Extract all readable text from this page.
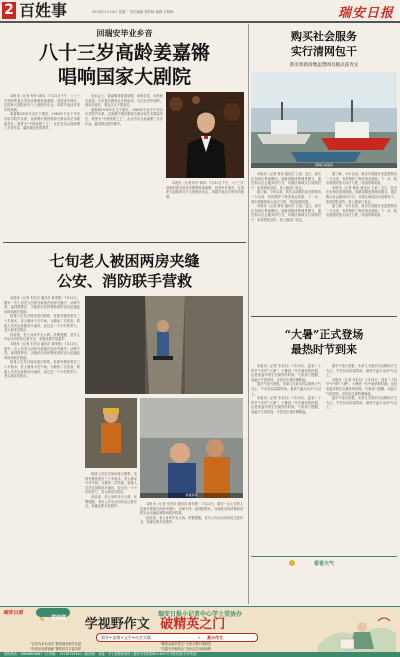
2 百姓事	2018年7月24日 星期二 责任编辑 管舒枫 编辑 史晓锋	瑞安日报
回瑞安毕业乡音
八十三岁高龄姜嘉锵
唱响国家大剧院

本报讯（记者 杨华 林沐）7月21日下午，八十三岁高龄的著名男高音歌唱家姜嘉锵，回到家乡瑞安，在国家大剧院举办个人独唱音乐会，用歌声表达对家乡的深情。

姜嘉锵1935年出生于瑞安，1960年毕业于中央音乐学院声乐系，以演唱中国民歌和古典诗词艺术歌曲见长，被誉为“中国民歌之王”。此次音乐会他演唱了多首作品，赢得观众热烈掌声。

音乐会上，姜嘉锵身着燕尾服，神采奕奕，现场座无虚席。许多瑞安籍观众专程赶来，为这位老乡助阵。演出结束后，观众久久不愿离去。

姜嘉锵1935年出生于瑞安，1960年毕业于中央音乐学院声乐系，以演唱中国民歌和古典诗词艺术歌曲见长，被誉为“中国民歌之王”。此次音乐会他演唱了多首作品，赢得观众热烈掌声。

本报讯（记者 杨华 林沐）7月21日下午，八十三岁高龄的著名男高音歌唱家姜嘉锵，回到家乡瑞安，在国家大剧院举办个人独唱音乐会，用歌声表达对家乡的深情。

七旬老人被困两房夹缝
公安、消防联手营救

本报讯（记者 朱伯衍 通讯员 黄李胜）7月22日，瑞安一名七旬老人因意外被困在两房夹缝中，动弹不得。接到报警后，当地派出所民警和消防官兵迅速赶到现场展开救援。

救援人员先对现场进行勘察，发现夹缝宽度仅三十多厘米，老人侧身卡在中间。为避免二次伤害，救援人员决定拆除部分墙体，经过近一个小时的努力，老人被成功救出。

经检查，老人身体并无大碍。民警提醒，老年人外出活动时应注意安全，家属也要多加看护。

本报讯（记者 朱伯衍 通讯员 黄李胜）7月22日，瑞安一名七旬老人因意外被困在两房夹缝中，动弹不得。接到报警后，当地派出所民警和消防官兵迅速赶到现场展开救援。

救援人员先对现场进行勘察，发现夹缝宽度仅三十多厘米，老人侧身卡在中间。为避免二次伤害，救援人员决定拆除部分墙体，经过近一个小时的努力，老人被成功救出。

救援现场

救援人员先对现场进行勘察，发现夹缝宽度仅三十多厘米，老人侧身卡在中间。为避免二次伤害，救援人员决定拆除部分墙体，经过近一个小时的努力，老人被成功救出。

经检查，老人身体并无大碍。民警提醒，老年人外出活动时应注意安全，家属也要多加看护。

本报讯（记者 朱伯衍 通讯员 黄李胜）7月22日，瑞安一名七旬老人因意外被困在两房夹缝中，动弹不得。接到报警后，当地派出所民警和消防官兵迅速赶到现场展开救援。

经检查，老人身体并无大碍。民警提醒，老年人外出活动时应注意安全，家属也要多加看护。

购买社会服务
实行清网包干
我市创新清缴违禁网具模式获肯定
清网行动现场

本报讯（记者 林伟 通讯员 王某）近日，我市在东海区禁渔期间，创新清缴违禁渔具模式，通过购买社会服务的方式，对辖区海域实行清网包干，取得明显成效，获上级部门肯定。

据了解，今年以来，我市共清缴各类违禁网具一万余顶，有效保护了海洋渔业资源。下一步，我市将继续加大执法力度，巩固清网成果。

本报讯（记者 林伟 通讯员 王某）近日，我市在东海区禁渔期间，创新清缴违禁渔具模式，通过购买社会服务的方式，对辖区海域实行清网包干，取得明显成效，获上级部门肯定。

据了解，今年以来，我市共清缴各类违禁网具一万余顶，有效保护了海洋渔业资源。下一步，我市将继续加大执法力度，巩固清网成果。

本报讯（记者 林伟 通讯员 王某）近日，我市在东海区禁渔期间，创新清缴违禁渔具模式，通过购买社会服务的方式，对辖区海域实行清网包干，取得明显成效，获上级部门肯定。

据了解，今年以来，我市共清缴各类违禁网具一万余顶，有效保护了海洋渔业资源。下一步，我市将继续加大执法力度，巩固清网成果。

“大暑”正式登场
最热时节到来

本报讯（记者 朱伯衍）7月23日，迎来二十四节气中的“大暑”。大暑是一年中最热的时期，也是喜温作物生长最快的时候。气象部门提醒，高温天气将持续，市民应注意防暑降温。

据市气象台预报，未来几天我市仍以晴热天气为主，午后有局部雷阵雨，最高气温可达37℃以上。

本报讯（记者 朱伯衍）7月23日，迎来二十四节气中的“大暑”。大暑是一年中最热的时期，也是喜温作物生长最快的时候。气象部门提醒，高温天气将持续，市民应注意防暑降温。

据市气象台预报，未来几天我市仍以晴热天气为主，午后有局部雷阵雨，最高气温可达37℃以上。

本报讯（记者 朱伯衍）7月23日，迎来二十四节气中的“大暑”。大暑是一年中最热的时期，也是喜温作物生长最快的时候。气象部门提醒，高温天气将持续，市民应注意防暑降温。

据市气象台预报，未来几天我市仍以晴热天气为主，午后有局部雷阵雨，最高气温可达37℃以上。

看看天气
瑞安日报
学而堂	瑞安日报小记者中心学士堂协办
学视野作文 破精英之门
阅享+思维+文学+社会实践	→ 高分作文
“以学为本为本乐”教育理念呵学先进	“精智双商学语文”大语文观引领研发
“听说呈动讲演练”课堂形式丰富多样	“实践写作相结合”边玩边学开阔视野
咨询热线：18858805887（白老师） 13738753310（姚老师） 地址：学士堂教育培训（瑞安市安阳街619-621号 安阳实验小学对面）
